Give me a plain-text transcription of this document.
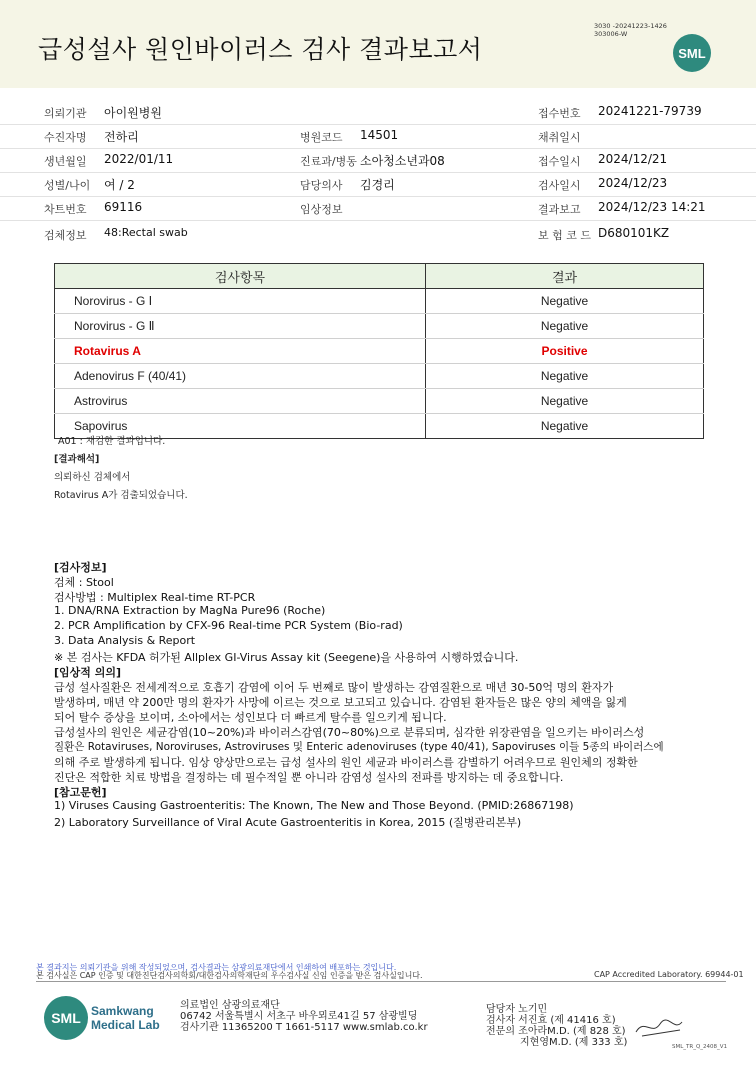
급성설사 원인바이러스 검사 결과보고서
3030 -20241223-1426
303006-W
SML
의뢰기관 아이원병원	접수번호 20241221-79739
수진자명 전하리	병원코드 14501	채취일시
생년월일 2022/01/11	진료과/병동 소아청소년과08	접수일시 2024/12/21
성별/나이 여 / 2	담당의사 김경리	검사일시 2024/12/23
차트번호 69116	임상정보	결과보고 2024/12/23 14:21
검체정보 48:Rectal swab	보 험 코 드 D680101KZ
검사항목	결과
Norovirus - G Ⅰ	Negative
Norovirus - G Ⅱ	Negative
Rotavirus A	Positive
Adenovirus F (40/41)	Negative
Astrovirus	Negative
Sapovirus	Negative
A01 : 재검한 결과입니다.
[결과해석]
의뢰하신 검체에서
Rotavirus A가 검출되었습니다.
[검사정보]
검체 : Stool
검사방법 : Multiplex Real-time RT-PCR
1. DNA/RNA Extraction by MagNa Pure96 (Roche)
2. PCR Amplification by CFX-96 Real-time PCR System (Bio-rad)
3. Data Analysis & Report
※ 본 검사는 KFDA 허가된 Allplex GI-Virus Assay kit (Seegene)을 사용하여 시행하였습니다.
[임상적 의의]
급성 설사질환은 전세계적으로 호흡기 감염에 이어 두 번째로 많이 발생하는 감염질환으로 매년 30-50억 명의 환자가
발생하며, 매년 약 200만 명의 환자가 사망에 이르는 것으로 보고되고 있습니다. 감염된 환자들은 많은 양의 체액을 잃게
되어 탈수 증상을 보이며, 소아에서는 성인보다 더 빠르게 탈수를 일으키게 됩니다.
급성설사의 원인은 세균감염(10~20%)과 바이러스감염(70~80%)으로 분류되며, 심각한 위장관염을 일으키는 바이러스성
질환은 Rotaviruses, Noroviruses, Astroviruses 및 Enteric adenoviruses (type 40/41), Sapoviruses 이들 5종의 바이러스에
의해 주로 발생하게 됩니다. 임상 양상만으로는 급성 설사의 원인 세균과 바이러스를 감별하기 어려우므로 원인체의 정확한
진단은 적합한 치료 방법을 결정하는 데 필수적일 뿐 아니라 감염성 설사의 전파를 방지하는 데 중요합니다.
[참고문헌]
1) Viruses Causing Gastroenteritis: The Known, The New and Those Beyond. (PMID:26867198)
2) Laboratory Surveillance of Viral Acute Gastroenteritis in Korea, 2015 (질병관리본부)
본 결과지는 의뢰기관을 위해 작성되었으며, 검사결과는 삼광의료재단에서 인쇄하여 배포하는 것입니다.
본 검사실은 CAP 인증 및 대한진단검사의학회/대한검사의학재단의 우수검사실 신임 인증을 받은 검사실입니다.	CAP Accredited Laboratory. 69944-01
SML Samkwang
Medical Lab
의료법인 삼광의료재단
06742 서울특별시 서초구 바우뫼로41길 57 삼광빌딩
검사기관 11365200 T 1661-5117 www.smlab.co.kr
담당자 노기민
검사자 서진효 (제 41416 호)
전문의 조아라M.D. (제 828 호)
지현영M.D. (제 333 호)	SML_TR_Q_2408_V1
